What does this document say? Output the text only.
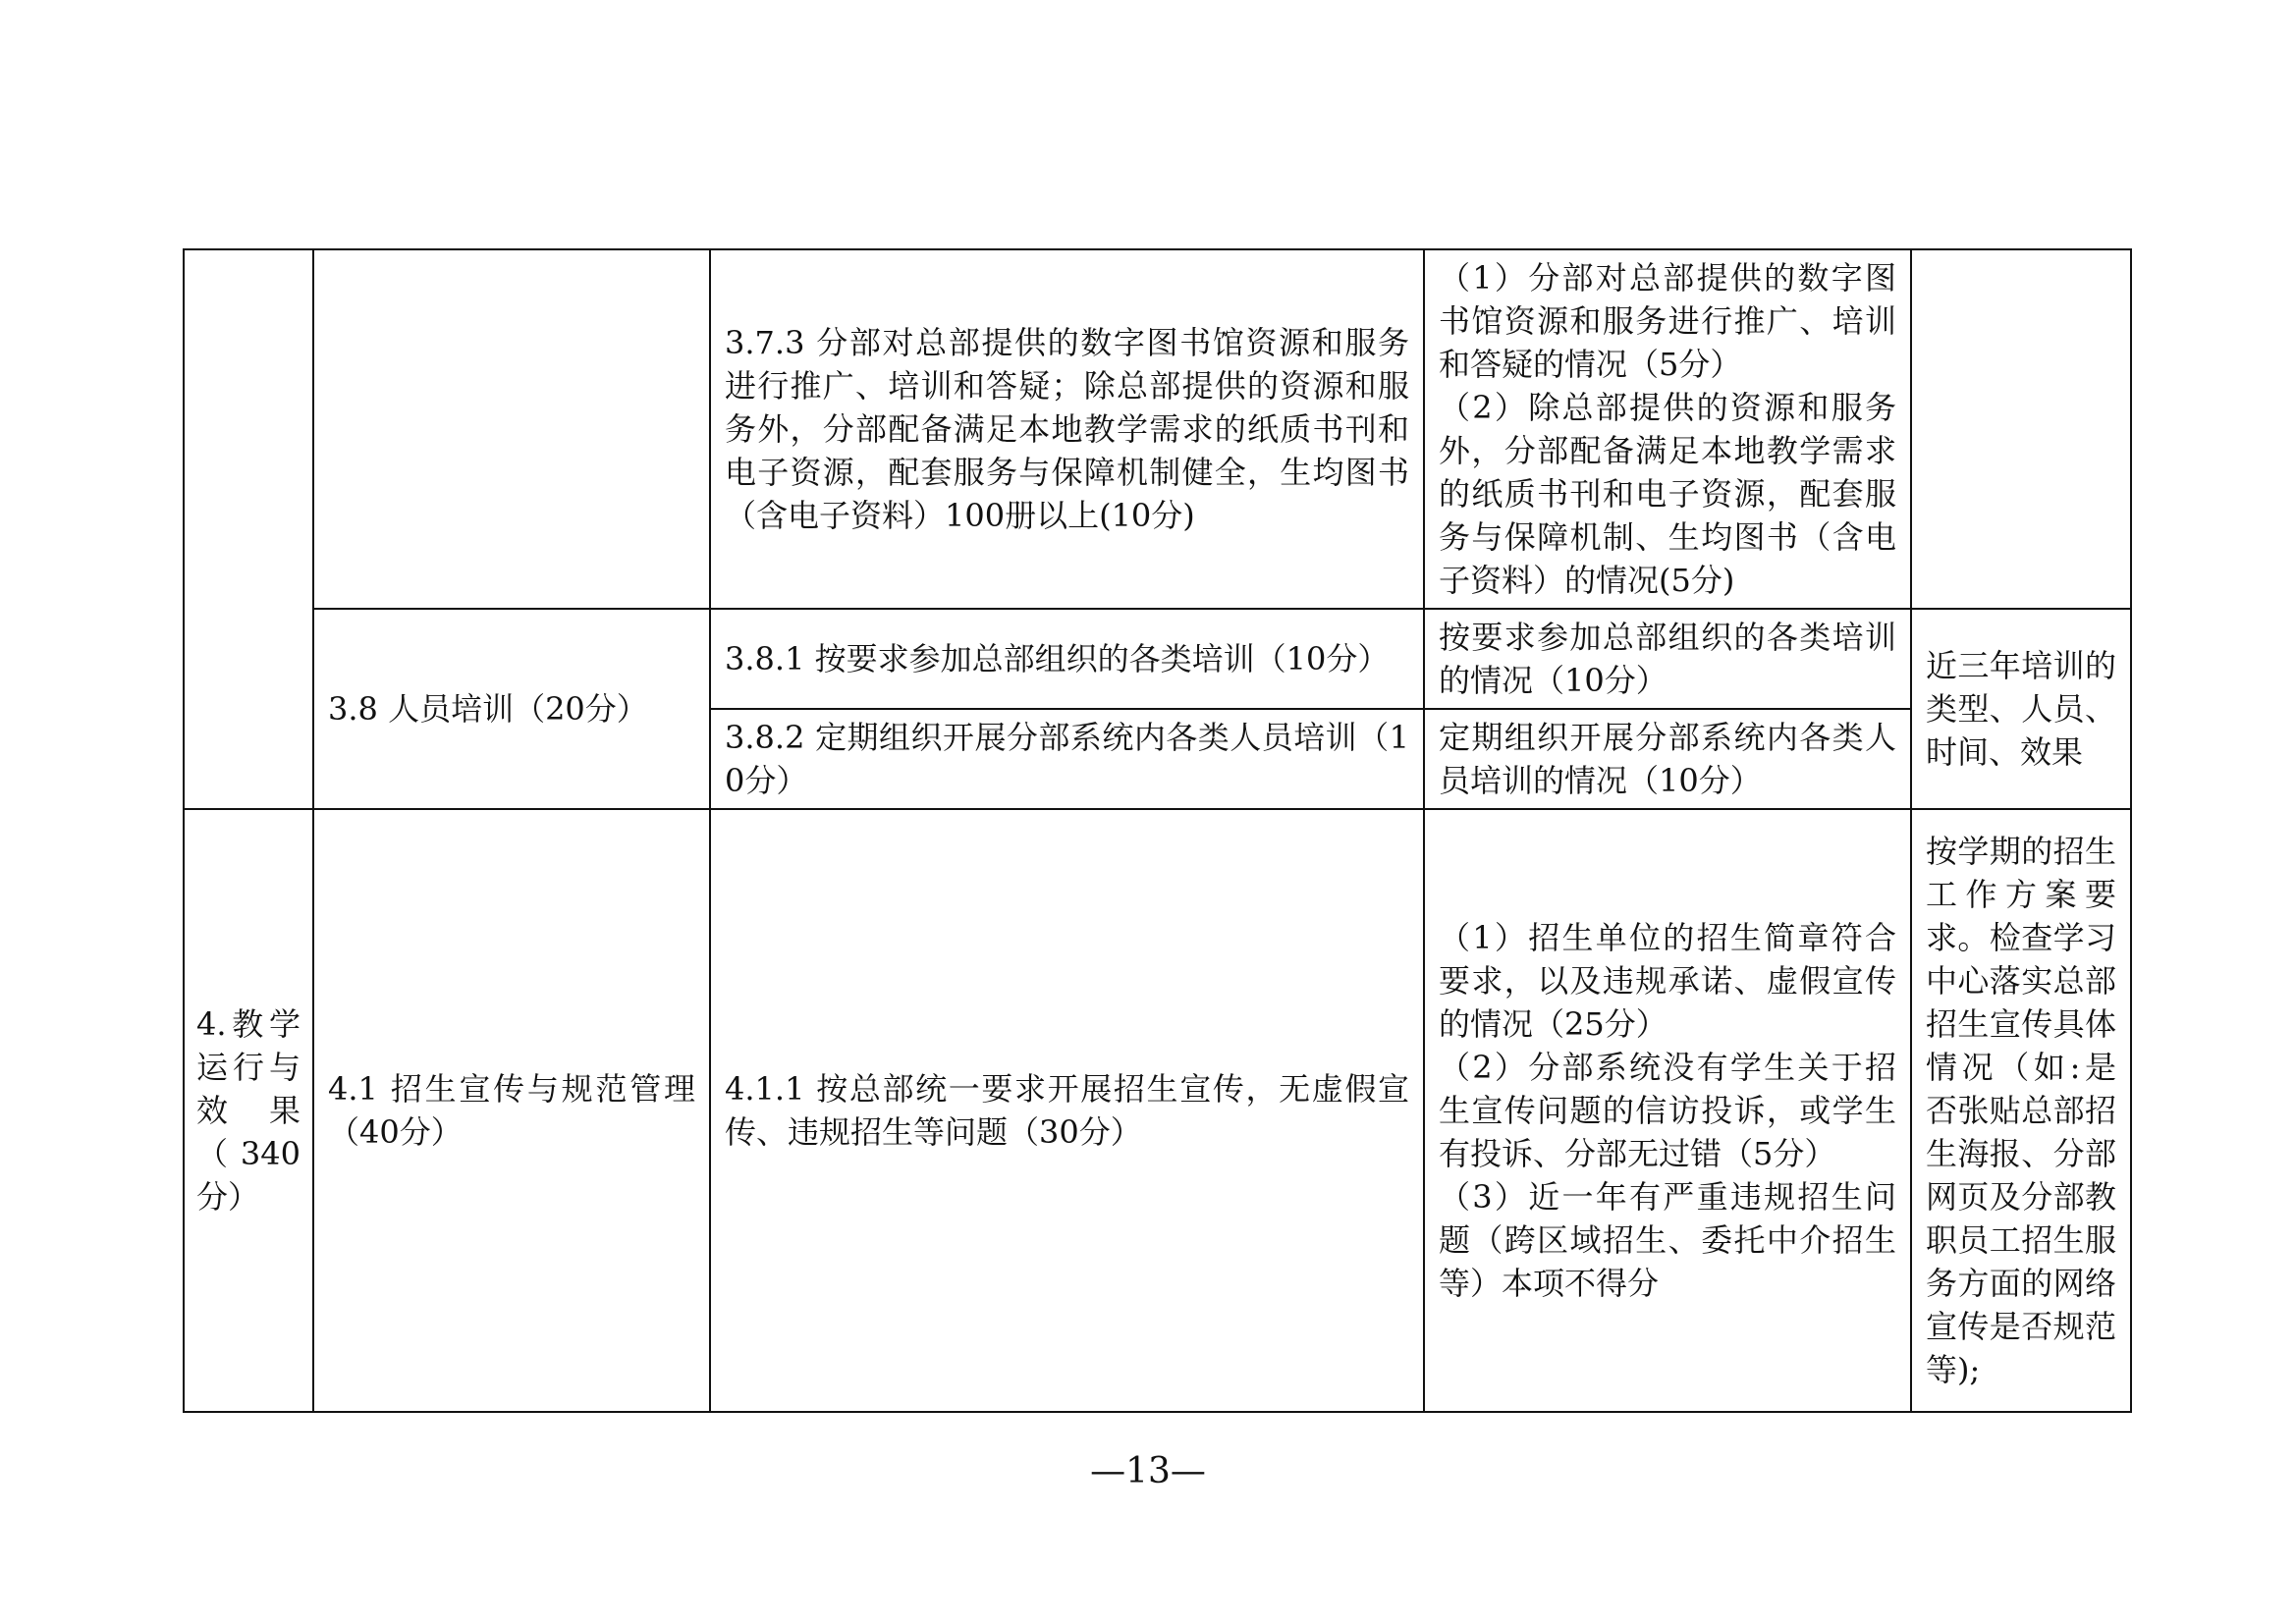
		3.7.3 分部对总部提供的数字图书馆资源和服务进行推广、培训和答疑；除总部提供的资源和服务外，分部配备满足本地教学需求的纸质书刊和电子资源，配套服务与保障机制健全，生均图书（含电子资料）100册以上(10分)	（1）分部对总部提供的数字图书馆资源和服务进行推广、培训和答疑的情况（5分）
（2）除总部提供的资源和服务外，分部配备满足本地教学需求的纸质书刊和电子资源，配套服务与保障机制、生均图书（含电子资料）的情况(5分)	

	3.8 人员培训（20分）	3.8.1 按要求参加总部组织的各类培训（10分）	按要求参加总部组织的各类培训的情况（10分）	近三年培训的类型、人员、时间、效果
		3.8.2 定期组织开展分部系统内各类人员培训（10分）	定期组织开展分部系统内各类人员培训的情况（10分）	
4.教学运行与效果（340分）	4.1 招生宣传与规范管理（40分）	4.1.1 按总部统一要求开展招生宣传，无虚假宣传、违规招生等问题（30分）	（1）招生单位的招生简章符合要求，以及违规承诺、虚假宣传的情况（25分）
（2）分部系统没有学生关于招生宣传问题的信访投诉，或学生有投诉、分部无过错（5分）
（3）近一年有严重违规招生问题（跨区域招生、委托中介招生等）本项不得分	按学期的招生工作方案要求。检查学习中心落实总部招生宣传具体情况（如:是否张贴总部招生海报、分部网页及分部教职员工招生服务方面的网络宣传是否规范等);
—13—
